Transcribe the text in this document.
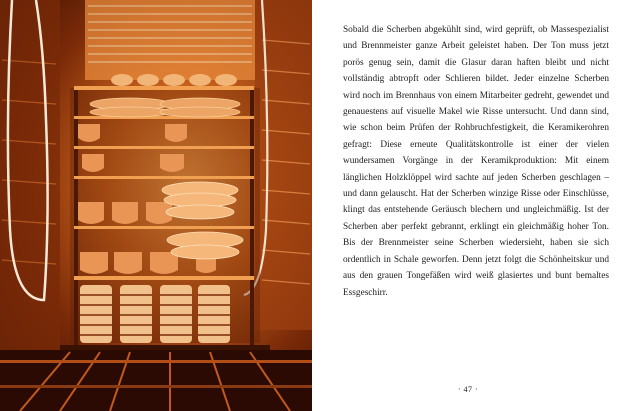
Sobald die Scherben abgekühlt sind, wird geprüft, ob Massespezialist und Brennmeister ganze Arbeit geleistet haben. Der Ton muss jetzt porös genug sein, damit die Glasur daran haften bleibt und nicht vollständig abtropft oder Schlieren bildet. Jeder einzelne Scherben wird noch im Brennhaus von einem Mitarbeiter gedreht, gewendet und genauestens auf visuelle Makel wie Risse untersucht. Und dann sind, wie schon beim Prüfen der Rohbruchfestigkeit, die Keramikerohren gefragt: Diese erneute Qualitätskontrolle ist einer der vielen wundersamen Vorgänge in der Keramikproduktion: Mit einem länglichen Holzklöppel wird sachte auf jeden Scherben geschlagen – und dann gelauscht. Hat der Scherben winzige Risse oder Einschlüsse, klingt das entstehende Geräusch blechern und ungleichmäßig. Ist der Scherben aber perfekt gebrannt, erklingt ein gleichmäßig hoher Ton. Bis der Brennmeister seine Scherben wiedersieht, haben sie sich ordentlich in Schale geworfen. Denn jetzt folgt die Schönheitskur und aus den grauen Tongefäßen wird weiß glasiertes und bunt bemaltes Essgeschirr.

· 47 ·
